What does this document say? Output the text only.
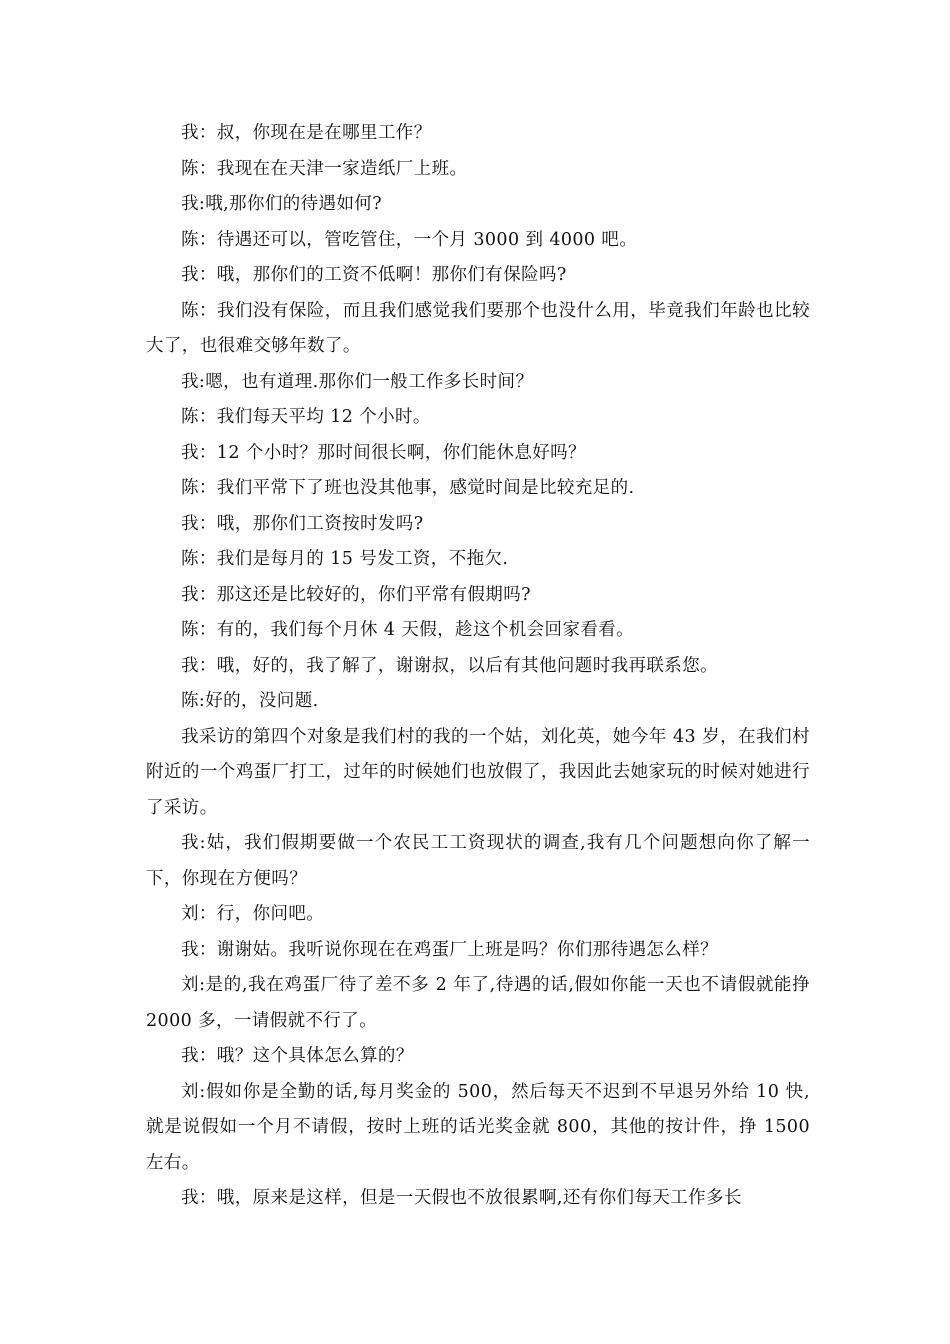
我：叔，你现在是在哪里工作？

陈：我现在在天津一家造纸厂上班。

我:哦,那你们的待遇如何?

陈：待遇还可以，管吃管住，一个月 3000 到 4000 吧。

我：哦，那你们的工资不低啊！那你们有保险吗?

陈：我们没有保险，而且我们感觉我们要那个也没什么用，毕竟我们年龄也比较大了，也很难交够年数了。

我:嗯，也有道理.那你们一般工作多长时间？

陈：我们每天平均 12 个小时。

我：12 个小时？那时间很长啊，你们能休息好吗？

陈：我们平常下了班也没其他事，感觉时间是比较充足的.

我：哦，那你们工资按时发吗?

陈：我们是每月的 15 号发工资，不拖欠.

我：那这还是比较好的，你们平常有假期吗?

陈：有的，我们每个月休 4 天假，趁这个机会回家看看。

我：哦，好的，我了解了，谢谢叔，以后有其他问题时我再联系您。

陈:好的，没问题.

我采访的第四个对象是我们村的我的一个姑，刘化英，她今年 43 岁，在我们村附近的一个鸡蛋厂打工，过年的时候她们也放假了，我因此去她家玩的时候对她进行了采访。

我:姑，我们假期要做一个农民工工资现状的调查,我有几个问题想向你了解一下，你现在方便吗？

刘：行，你问吧。

我：谢谢姑。我听说你现在在鸡蛋厂上班是吗？你们那待遇怎么样？

刘:是的,我在鸡蛋厂待了差不多 2 年了,待遇的话,假如你能一天也不请假就能挣 2000 多，一请假就不行了。

我：哦？这个具体怎么算的？

刘:假如你是全勤的话,每月奖金的 500，然后每天不迟到不早退另外给 10 快,就是说假如一个月不请假，按时上班的话光奖金就 800，其他的按计件，挣 1500 左右。

我：哦，原来是这样，但是一天假也不放很累啊,还有你们每天工作多长
